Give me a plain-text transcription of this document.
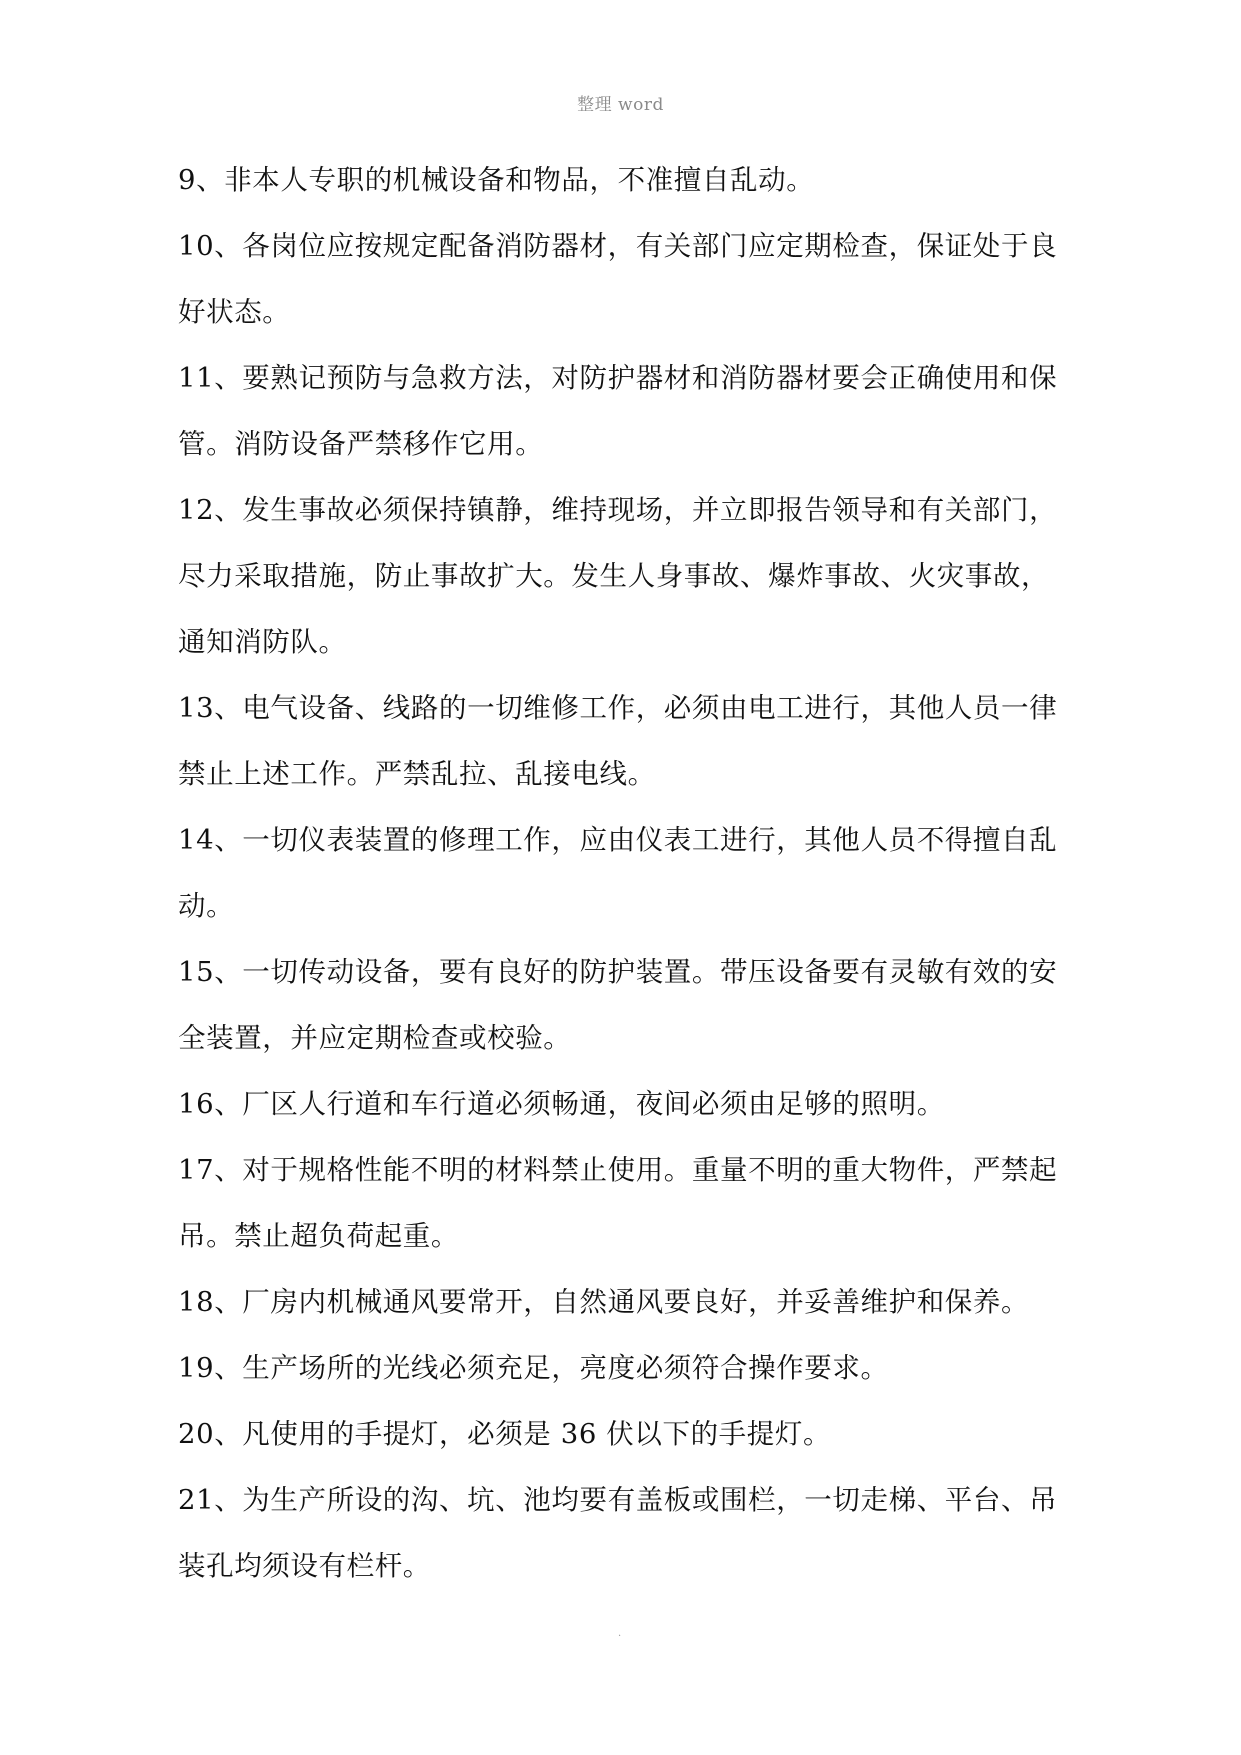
整理 word

9、非本人专职的机械设备和物品，不准擅自乱动。

10、各岗位应按规定配备消防器材，有关部门应定期检查，保证处于良好状态。

11、要熟记预防与急救方法，对防护器材和消防器材要会正确使用和保管。消防设备严禁移作它用。

12、发生事故必须保持镇静，维持现场，并立即报告领导和有关部门，尽力采取措施，防止事故扩大。发生人身事故、爆炸事故、火灾事故，通知消防队。

13、电气设备、线路的一切维修工作，必须由电工进行，其他人员一律禁止上述工作。严禁乱拉、乱接电线。

14、一切仪表装置的修理工作，应由仪表工进行，其他人员不得擅自乱动。

15、一切传动设备，要有良好的防护装置。带压设备要有灵敏有效的安全装置，并应定期检查或校验。

16、厂区人行道和车行道必须畅通，夜间必须由足够的照明。

17、对于规格性能不明的材料禁止使用。重量不明的重大物件，严禁起吊。禁止超负荷起重。

18、厂房内机械通风要常开，自然通风要良好，并妥善维护和保养。

19、生产场所的光线必须充足，亮度必须符合操作要求。

20、凡使用的手提灯，必须是 36 伏以下的手提灯。

21、为生产所设的沟、坑、池均要有盖板或围栏，一切走梯、平台、吊装孔均须设有栏杆。

.
